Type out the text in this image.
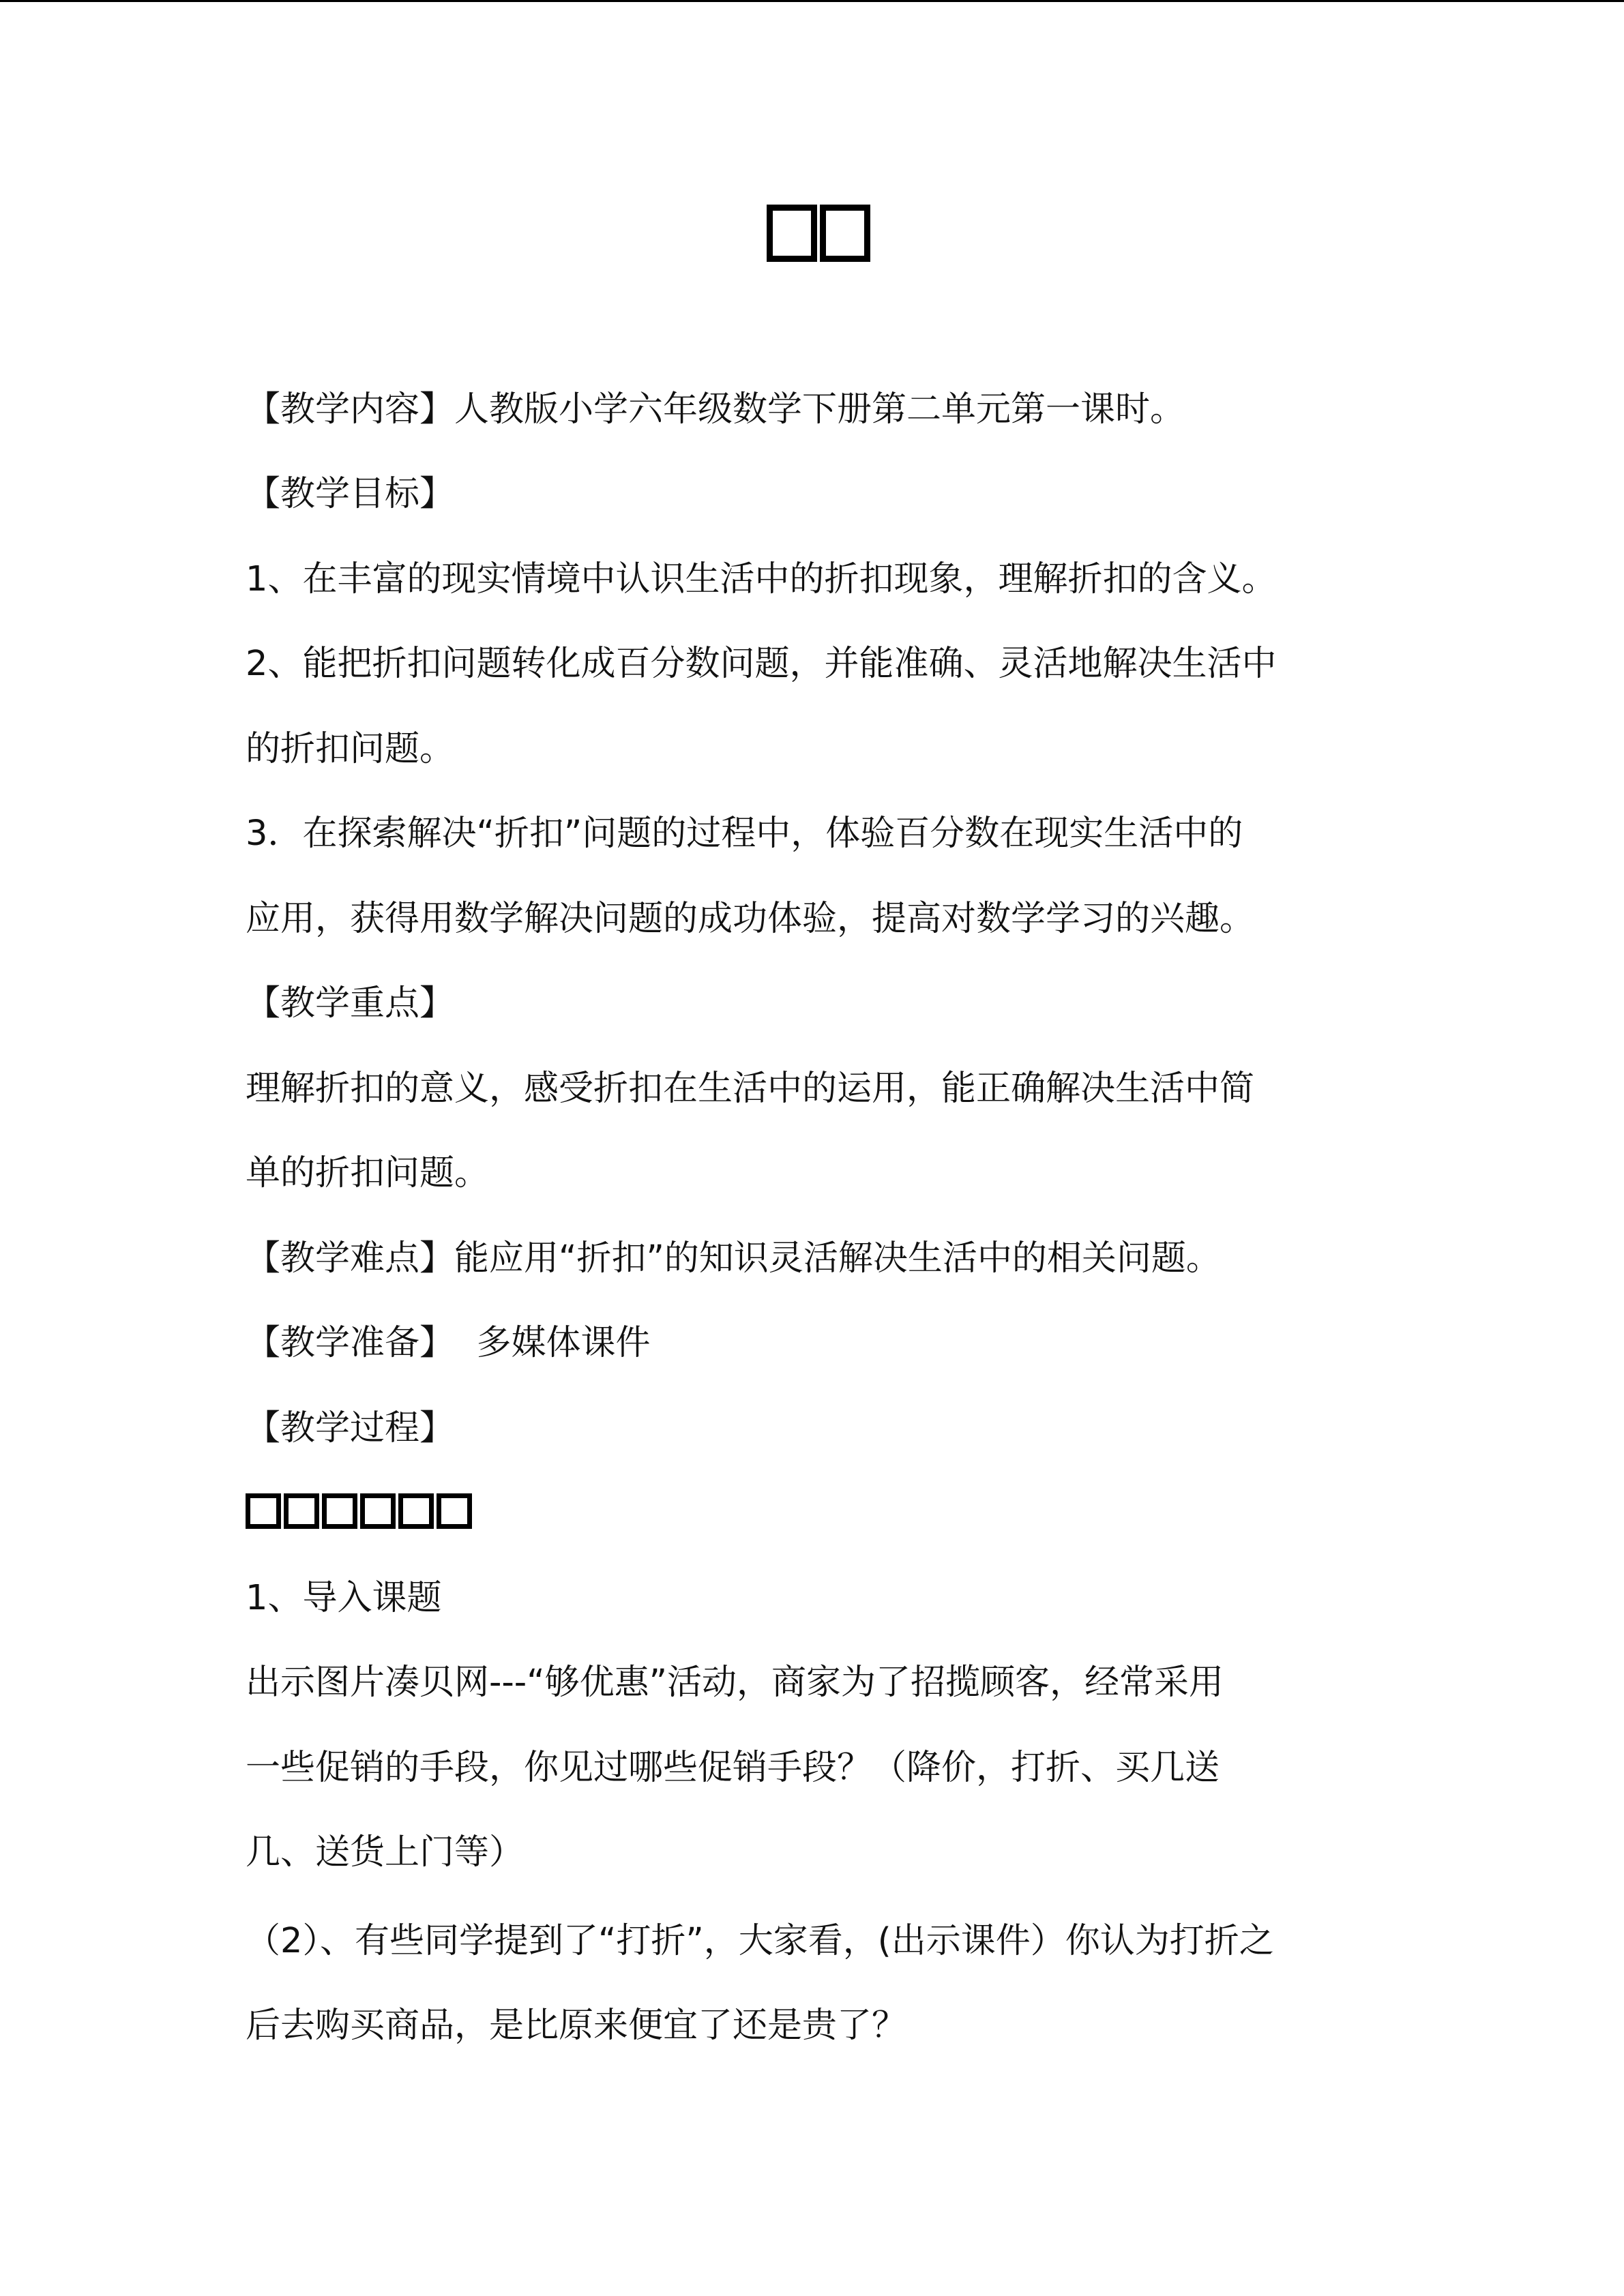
【教学内容】人教版小学六年级数学下册第二单元第一课时。
【教学目标】
1、在丰富的现实情境中认识生活中的折扣现象，理解折扣的含义。
2、能把折扣问题转化成百分数问题，并能准确、灵活地解决生活中
的折扣问题。
3．在探索解决“折扣”问题的过程中，体验百分数在现实生活中的
应用，获得用数学解决问题的成功体验，提高对数学学习的兴趣。
【教学重点】
理解折扣的意义，感受折扣在生活中的运用，能正确解决生活中简
单的折扣问题。
【教学难点】能应用“折扣”的知识灵活解决生活中的相关问题。
【教学准备】  多媒体课件
【教学过程】
1、导入课题
出示图片凑贝网---“够优惠”活动，商家为了招揽顾客，经常采用
一些促销的手段，你见过哪些促销手段？（降价，打折、买几送
几、送货上门等）
（2）、有些同学提到了“打折”，大家看，(出示课件）你认为打折之
后去购买商品，是比原来便宜了还是贵了？
